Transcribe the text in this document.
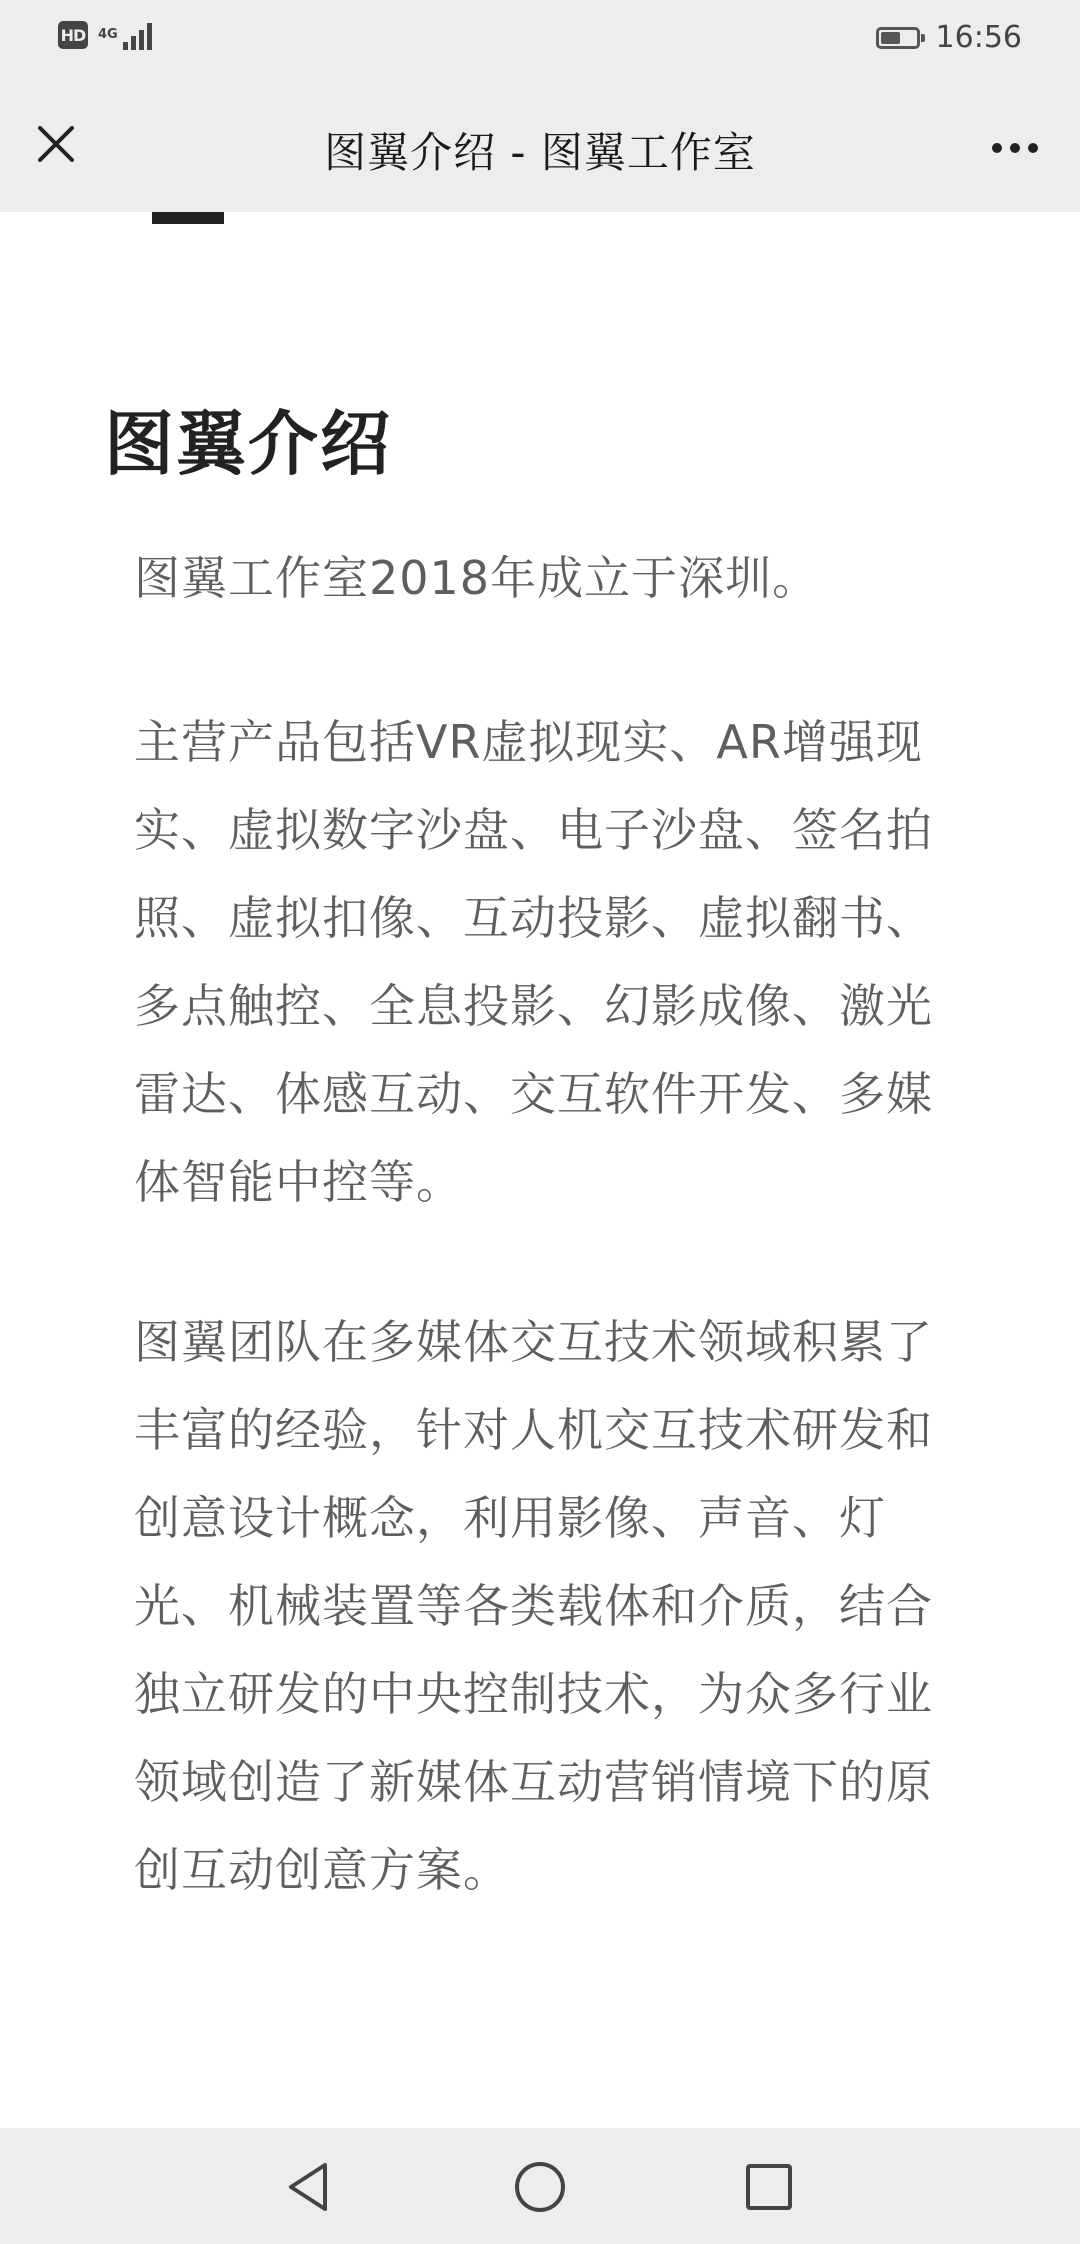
HD 4G	16:56
图翼介绍 - 图翼工作室
图翼介绍

图翼工作室2018年成立于深圳。

主营产品包括VR虚拟现实、AR增强现实、虚拟数字沙盘、电子沙盘、签名拍照、虚拟扣像、互动投影、虚拟翻书、多点触控、全息投影、幻影成像、激光雷达、体感互动、交互软件开发、多媒体智能中控等。

图翼团队在多媒体交互技术领域积累了丰富的经验，针对人机交互技术研发和创意设计概念，利用影像、声音、灯光、机械装置等各类载体和介质，结合独立研发的中央控制技术，为众多行业领域创造了新媒体互动营销情境下的原创互动创意方案。
